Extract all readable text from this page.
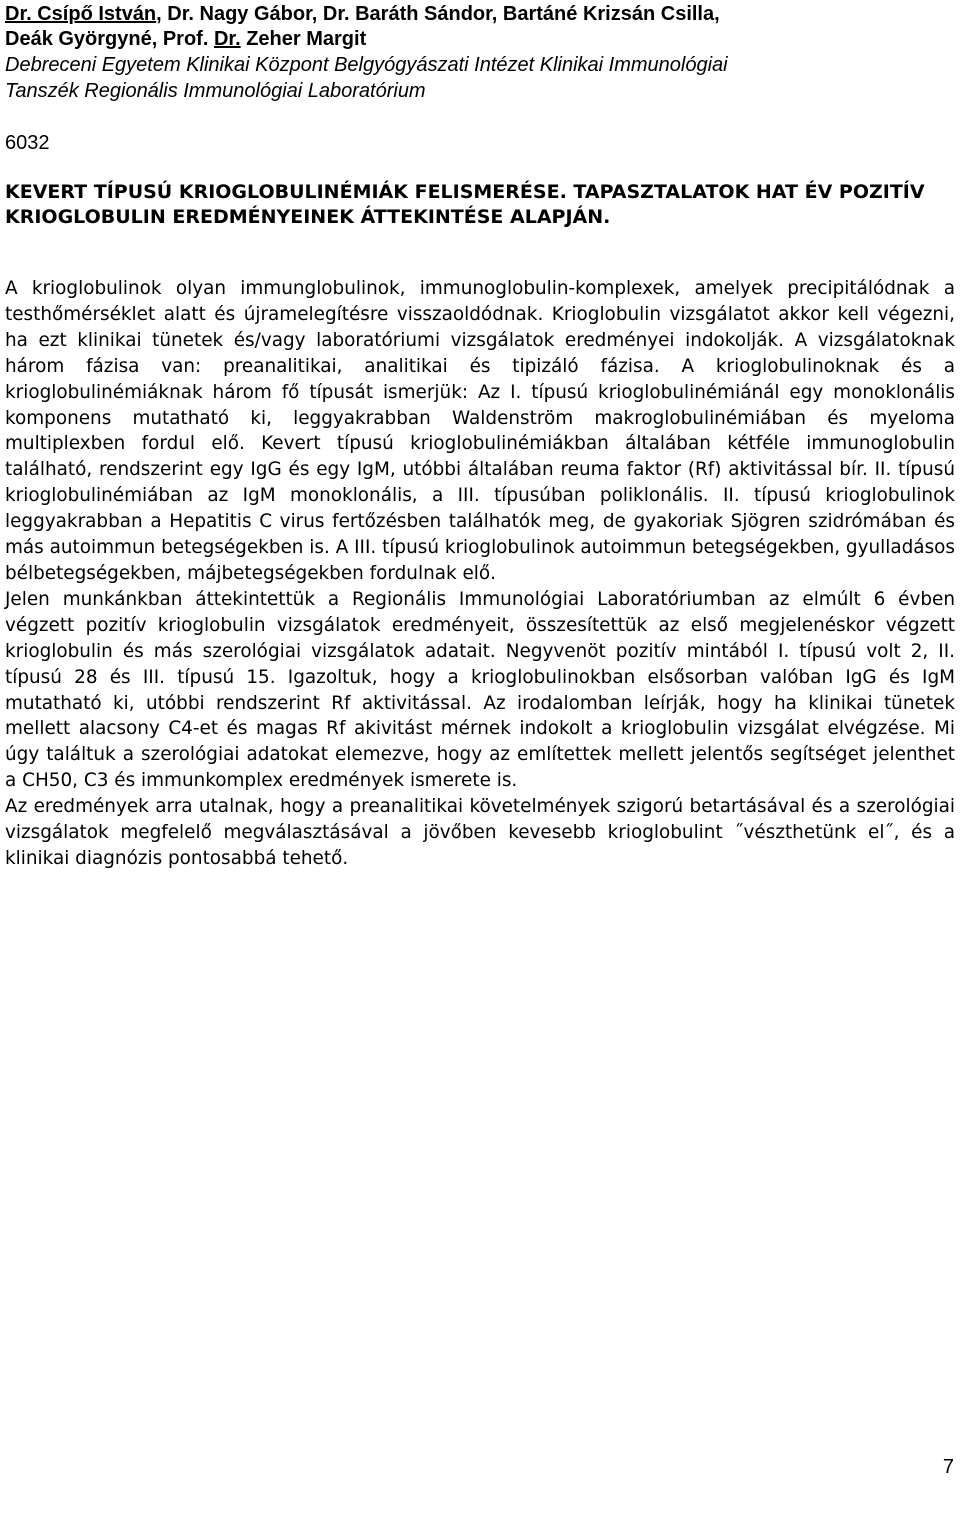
Dr. Csípő István, Dr. Nagy Gábor, Dr. Baráth Sándor, Bartáné Krizsán Csilla,
Deák Györgyné, Prof. Dr. Zeher Margit
Debreceni Egyetem Klinikai Központ Belgyógyászati Intézet Klinikai Immunológiai
Tanszék Regionális Immunológiai Laboratórium
6032
KEVERT TÍPUSÚ KRIOGLOBULINÉMIÁK FELISMERÉSE. TAPASZTALATOK HAT ÉV POZITÍV KRIOGLOBULIN EREDMÉNYEINEK ÁTTEKINTÉSE ALAPJÁN.

A krioglobulinok olyan immunglobulinok, immunoglobulin-komplexek, amelyek precipitálódnak a testhőmérséklet alatt és újramelegítésre visszaoldódnak. Krioglobulin vizsgálatot akkor kell végezni, ha ezt klinikai tünetek és/vagy laboratóriumi vizsgálatok eredményei indokolják. A vizsgálatoknak három fázisa van: preanalitikai, analitikai és tipizáló fázisa. A krioglobulinoknak és a krioglobulinémiáknak három fő típusát ismerjük: Az I. típusú krioglobulinémiánál egy monoklonális komponens mutatható ki, leggyakrabban Waldenström makroglobulinémiában és myeloma multiplexben fordul elő. Kevert típusú krioglobulinémiákban általában kétféle immunoglobulin található, rendszerint egy IgG és egy IgM, utóbbi általában reuma faktor (Rf) aktivitással bír. II. típusú krioglobulinémiában az IgM monoklonális, a III. típusúban poliklonális. II. típusú krioglobulinok leggyakrabban a Hepatitis C virus fertőzésben találhatók meg, de gyakoriak Sjögren szidrómában és más autoimmun betegségekben is. A III. típusú krioglobulinok autoimmun betegségekben, gyulladásos bélbetegségekben, májbetegségekben fordulnak elő.

Jelen munkánkban áttekintettük a Regionális Immunológiai Laboratóriumban az elmúlt 6 évben végzett pozitív krioglobulin vizsgálatok eredményeit, összesítettük az első megjelenéskor végzett krioglobulin és más szerológiai vizsgálatok adatait. Negyvenöt pozitív mintából I. típusú volt 2, II. típusú 28 és III. típusú 15. Igazoltuk, hogy a krioglobulinokban elsősorban valóban IgG és IgM mutatható ki, utóbbi rendszerint Rf aktivitással. Az irodalomban leírják, hogy ha klinikai tünetek mellett alacsony C4-et és magas Rf akivitást mérnek indokolt a krioglobulin vizsgálat elvégzése. Mi úgy találtuk a szerológiai adatokat elemezve, hogy az említettek mellett jelentős segítséget jelenthet a CH50, C3 és immunkomplex eredmények ismerete is.

Az eredmények arra utalnak, hogy a preanalitikai követelmények szigorú betartásával és a szerológiai vizsgálatok megfelelő megválasztásával a jövőben kevesebb krioglobulint ˝vészthetünk el˝, és a klinikai diagnózis pontosabbá tehető.

7
